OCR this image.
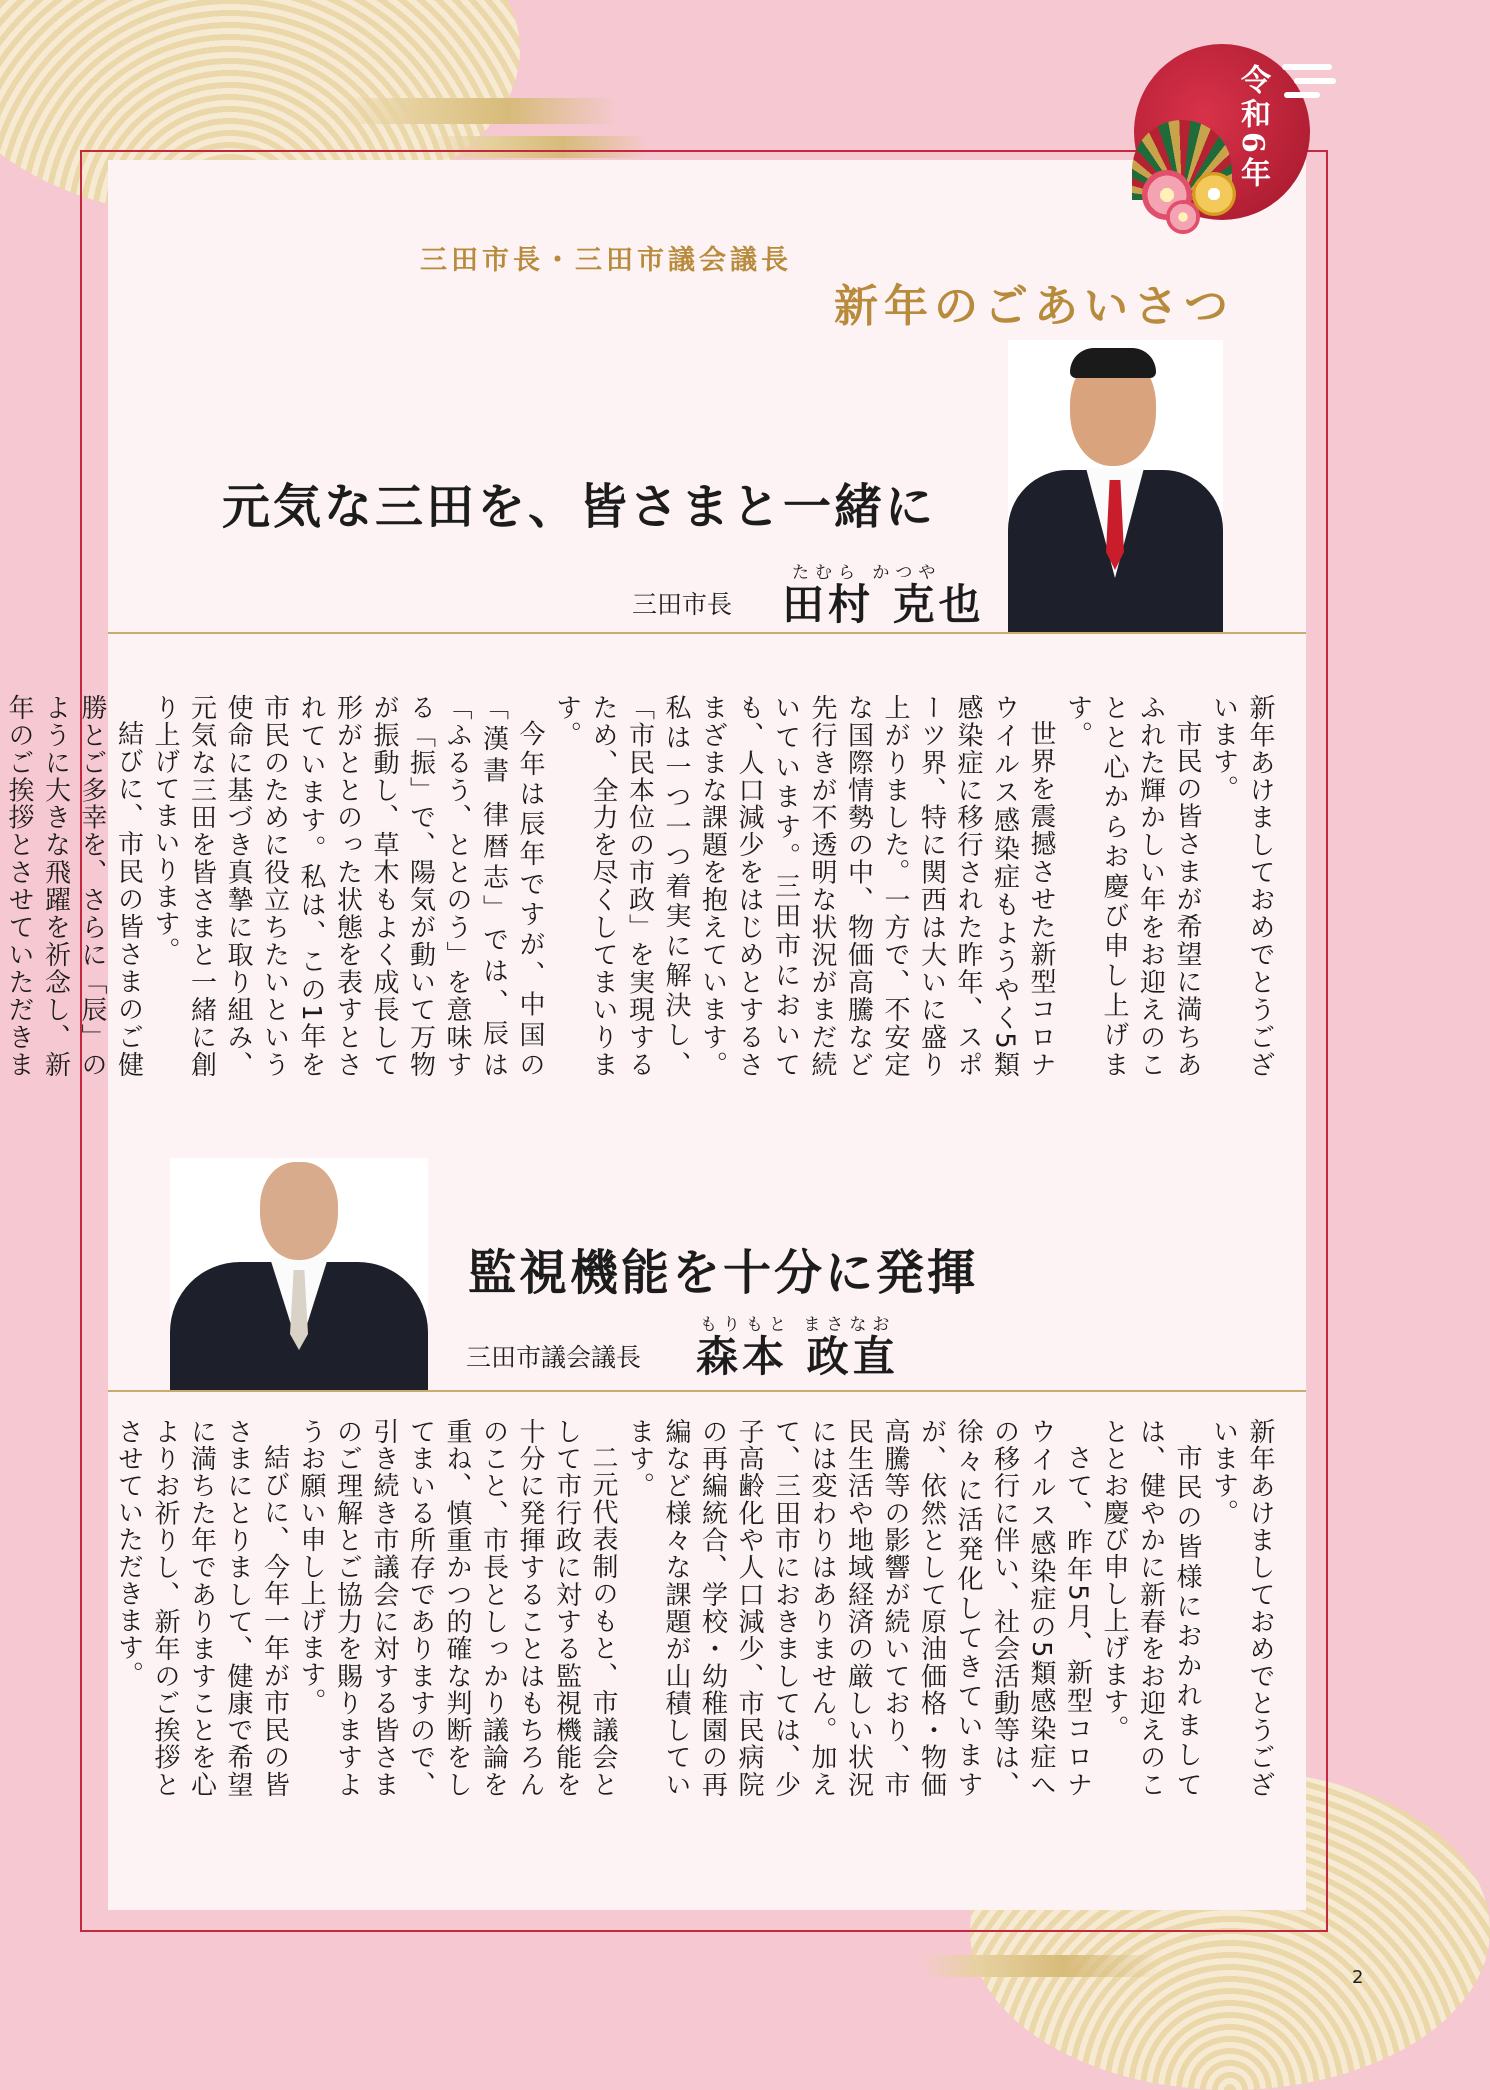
令和6年
三田市長・三田市議会議長
新年のごあいさつ
元気な三田を、皆さまと一緒に
三田市長
たむら かつや
田村 克也

新年あけましておめでとうございます。

市民の皆さまが希望に満ちあふれた輝かしい年をお迎えのことと心からお慶び申し上げます。

世界を震撼させた新型コロナウイルス感染症もようやく5類感染症に移行された昨年、スポーツ界、特に関西は大いに盛り上がりました。一方で、不安定な国際情勢の中、物価高騰など先行きが不透明な状況がまだ続いています。三田市においても、人口減少をはじめとするさまざまな課題を抱えています。私は一つ一つ着実に解決し、「市民本位の市政」を実現するため、全力を尽くしてまいります。

今年は辰年ですが、中国の「漢書 律暦志」では、辰は「ふるう、ととのう」を意味する「振」で、陽気が動いて万物が振動し、草木もよく成長して形がととのった状態を表すとされています。私は、この1年を市民のために役立ちたいという使命に基づき真摯に取り組み、元気な三田を皆さまと一緒に創り上げてまいります。

結びに、市民の皆さまのご健勝とご多幸を、さらに「辰」のように大きな飛躍を祈念し、新年のご挨拶とさせていただきま

監視機能を十分に発揮
三田市議会議長
もりもと まさなお
森本 政直

新年あけましておめでとうございます。

市民の皆様におかれましては、健やかに新春をお迎えのこととお慶び申し上げます。

さて、昨年5月、新型コロナウイルス感染症の5類感染症への移行に伴い、社会活動等は、徐々に活発化してきていますが、依然として原油価格・物価高騰等の影響が続いており、市民生活や地域経済の厳しい状況には変わりはありません。加えて、三田市におきましては、少子高齢化や人口減少、市民病院の再編統合、学校・幼稚園の再編など様々な課題が山積しています。

二元代表制のもと、市議会として市行政に対する監視機能を十分に発揮することはもちろんのこと、市長としっかり議論を重ね、慎重かつ的確な判断をしてまいる所存でありますので、引き続き市議会に対する皆さまのご理解とご協力を賜りますようお願い申し上げます。

結びに、今年一年が市民の皆さまにとりまして、健康で希望に満ちた年でありますことを心よりお祈りし、新年のご挨拶とさせていただきます。

2
